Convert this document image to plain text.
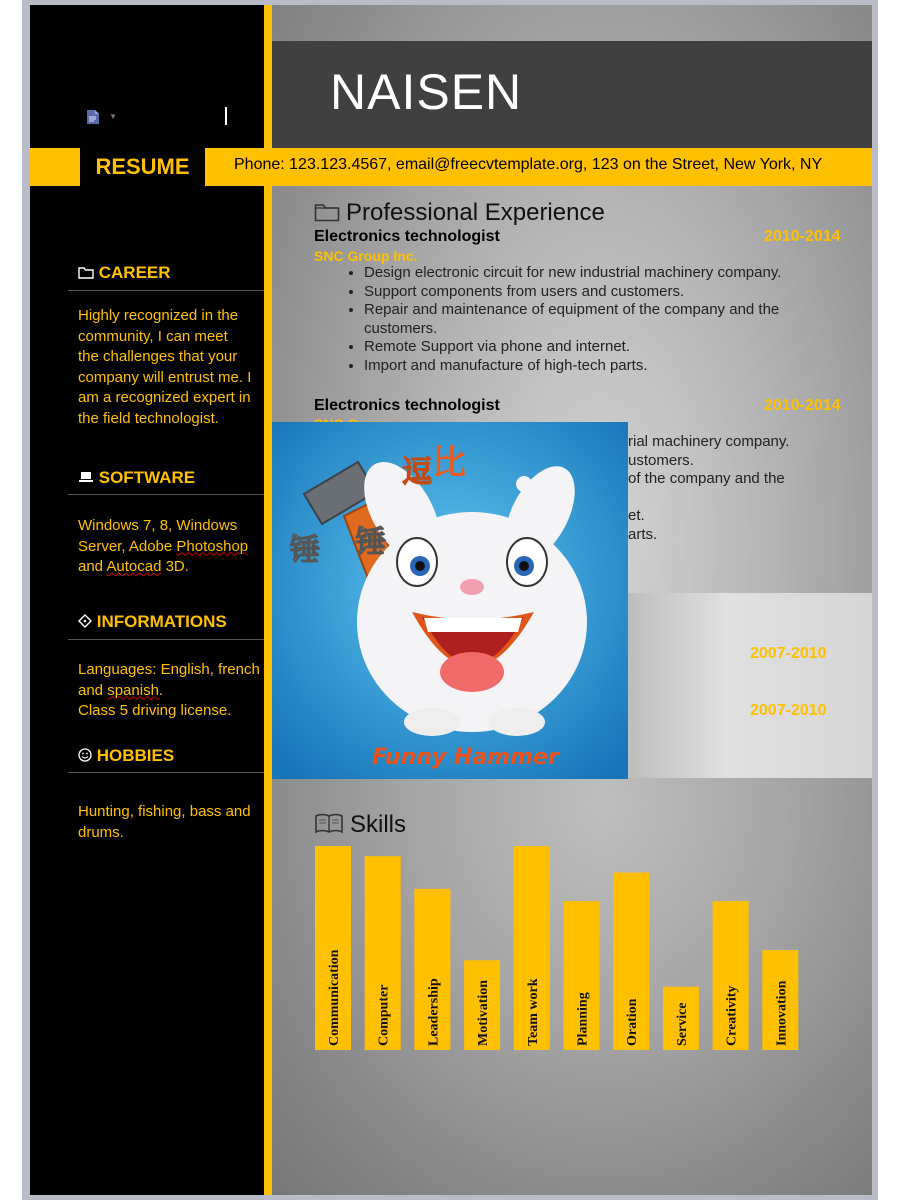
NAISEN
▼
RESUME	Phone: 123.123.4567, email@freecvtemplate.org, 123 on the Street, New York, NY
CAREER
Highly recognized in the
community, I can meet
the challenges that your
company will entrust me. I
am a recognized expert in
the field technologist.
SOFTWARE
Windows 7, 8, Windows
Server, Adobe Photoshop
and Autocad 3D.
INFORMATIONS
Languages: English, french
and spanish.
Class 5 driving license.
HOBBIES
Hunting, fishing, bass and
drums.
Professional Experience
Electronics technologist	2010-2014
SNC Group Inc.
• Design electronic circuit for new industrial machinery company.
• Support components from users and customers.
• Repair and maintenance of equipment of the company and the customers.
• Remote Support via phone and internet.
• Import and manufacture of high-tech parts.
Electronics technologist	2010-2014
rial machinery company.
ustomers.
of the company and the
et.
arts.
2007-2010
2007-2010
逗 比
锤 锤
Funny Hammer
Skills
Communication Computer Leadership Motivation Team work Planning Oration Service Creativity Innovation
